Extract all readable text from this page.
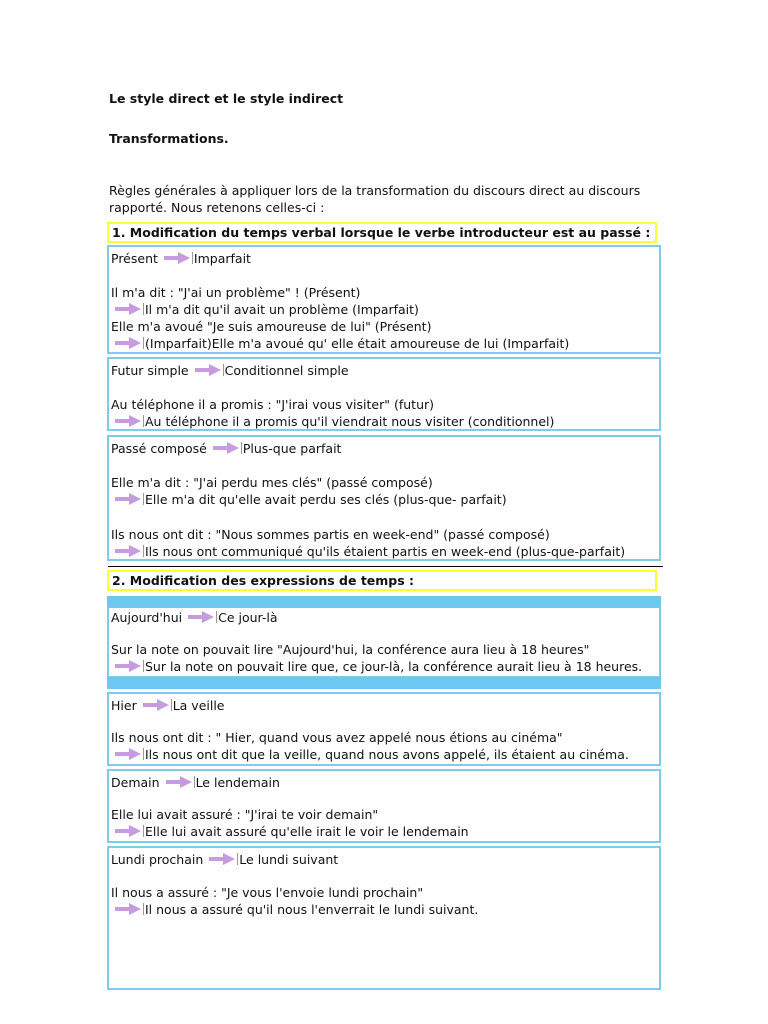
Le style direct et le style indirect
Transformations.
Règles générales à appliquer lors de la transformation du discours direct au discours rapporté. Nous retenons celles-ci :
1. Modification du temps verbal lorsque le verbe introducteur est au passé :
Présent	Imparfait
Il m'a dit : "J'ai un problème" ! (Présent)
Il m'a dit qu'il avait un problème (Imparfait)
Elle m'a avoué "Je suis amoureuse de lui" (Présent)
(Imparfait)Elle m'a avoué qu' elle était amoureuse de lui (Imparfait)
Futur simple	Conditionnel simple
Au téléphone il a promis : "J'irai vous visiter" (futur)
Au téléphone il a promis qu'il viendrait nous visiter (conditionnel)
Passé composé	Plus-que parfait
Elle m'a dit : "J'ai perdu mes clés" (passé composé)
Elle m'a dit qu'elle avait perdu ses clés (plus-que- parfait)
Ils nous ont dit : "Nous sommes partis en week-end" (passé composé)
Ils nous ont communiqué qu'ils étaient partis en week-end (plus-que-parfait)
2. Modification des expressions de temps :
Aujourd'hui	Ce jour-là
Sur la note on pouvait lire "Aujourd'hui, la conférence aura lieu à 18 heures"
Sur la note on pouvait lire que, ce jour-là, la conférence aurait lieu à 18 heures.
Hier	La veille
Ils nous ont dit : " Hier, quand vous avez appelé nous étions au cinéma"
Ils nous ont dit que la veille, quand nous avons appelé, ils étaient au cinéma.
Demain	Le lendemain
Elle lui avait assuré : "J'irai te voir demain"
Elle lui avait assuré qu'elle irait le voir le lendemain
Lundi prochain	Le lundi suivant
Il nous a assuré : "Je vous l'envoie lundi prochain"
Il nous a assuré qu'il nous l'enverrait le lundi suivant.
